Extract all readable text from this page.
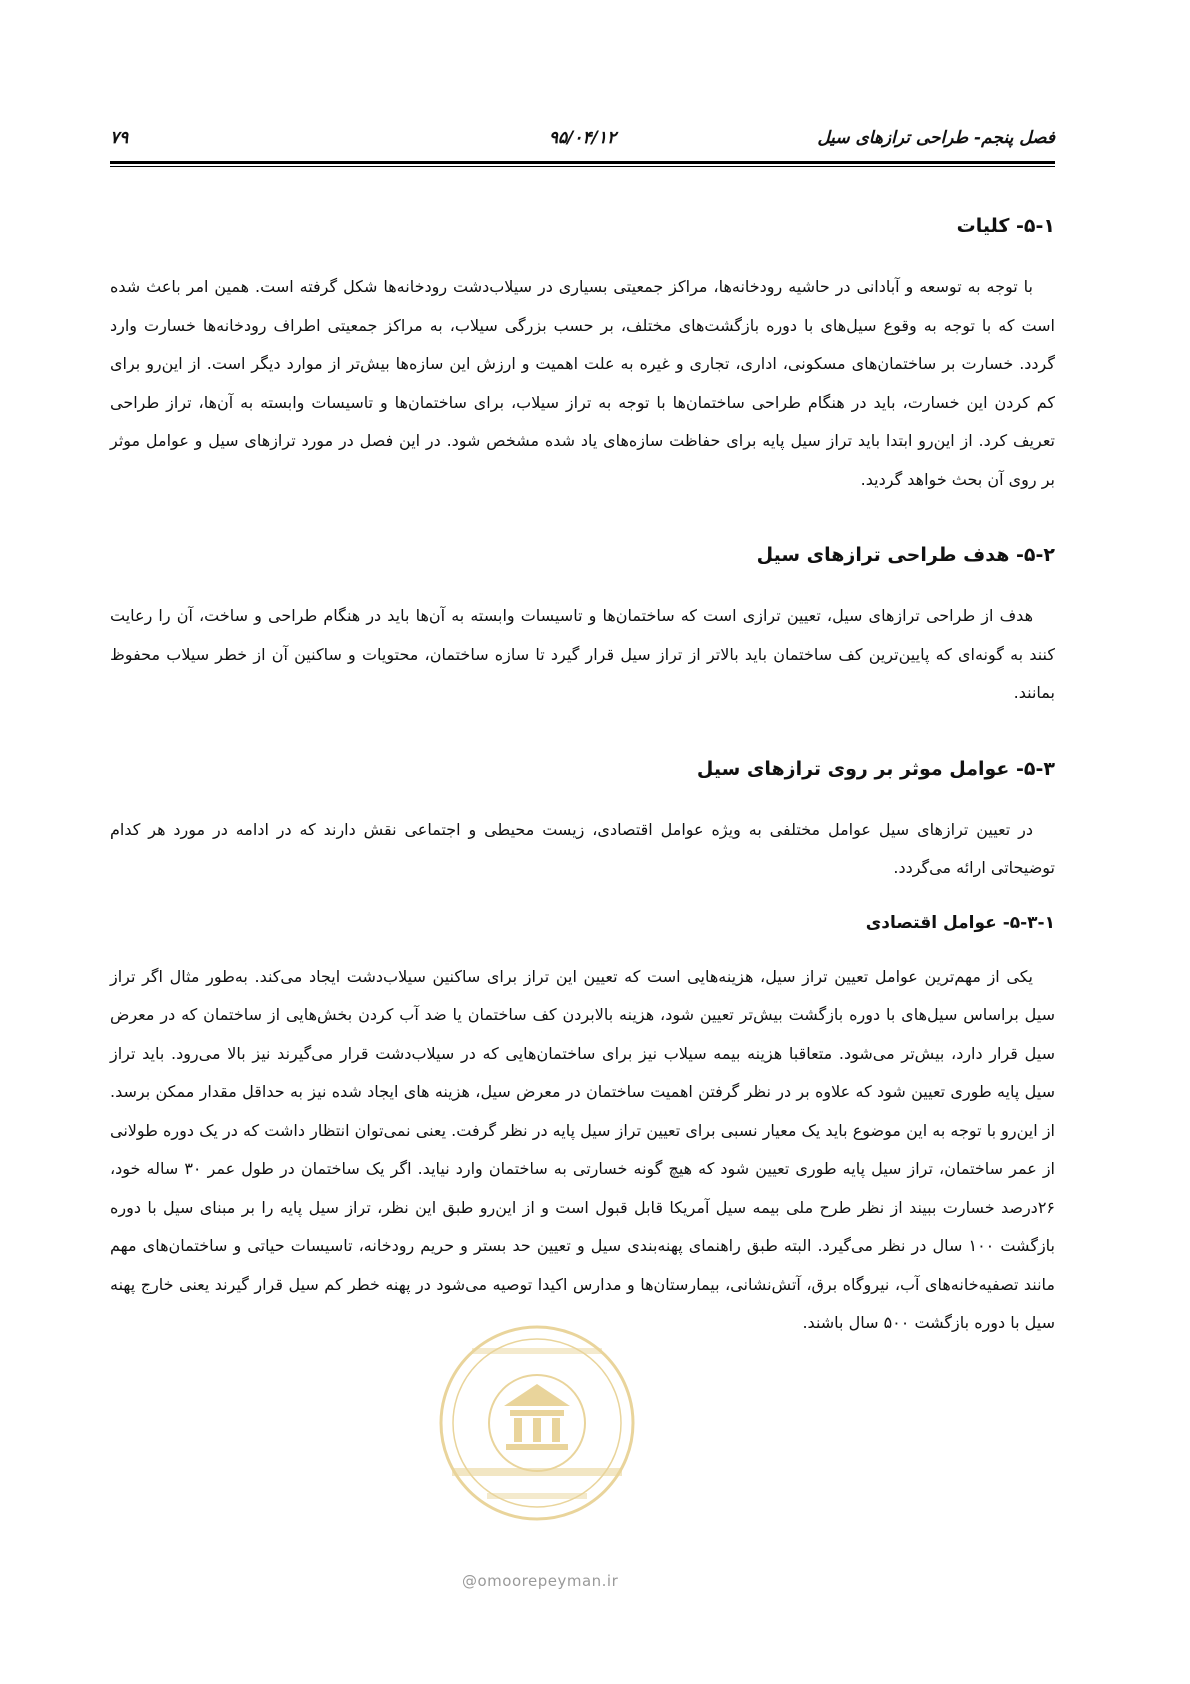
فصل پنجم- طراحی ترازهای سیل
۹۵/۰۴/۱۲
۷۹
۵-۱- کلیات

با توجه به توسعه و آبادانی در حاشیه رودخانه‌ها، مراکز جمعیتی بسیاری در سیلاب‌دشت رودخانه‌ها شکل گرفته است. همین امر باعث شده است که با توجه به وقوع سیل‌های با دوره بازگشت‌های مختلف، بر حسب بزرگی سیلاب، به مراکز جمعیتی اطراف رودخانه‌ها خسارت وارد گردد. خسارت بر ساختمان‌های مسکونی، اداری، تجاری و غیره به علت اهمیت و ارزش این سازه‌ها بیش‌تر از موارد دیگر است. از این‌رو برای کم کردن این خسارت، باید در هنگام طراحی ساختمان‌ها با توجه به تراز سیلاب، برای ساختمان‌ها و تاسیسات وابسته به آن‌ها، تراز طراحی تعریف کرد. از این‌رو ابتدا باید تراز سیل پایه برای حفاظت سازه‌های یاد شده مشخص شود. در این فصل در مورد ترازهای سیل و عوامل موثر بر روی آن بحث خواهد گردید.

۵-۲- هدف طراحی ترازهای سیل

هدف از طراحی ترازهای سیل، تعیین ترازی است که ساختمان‌ها و تاسیسات وابسته به آن‌ها باید در هنگام طراحی و ساخت، آن را رعایت کنند به گونه‌ای که پایین‌ترین کف ساختمان باید بالاتر از تراز سیل قرار گیرد تا سازه ساختمان، محتویات و ساکنین آن از خطر سیلاب محفوظ بمانند.

۵-۳- عوامل موثر بر روی ترازهای سیل

در تعیین ترازهای سیل عوامل مختلفی به ویژه عوامل اقتصادی، زیست محیطی و اجتماعی نقش دارند که در ادامه در مورد هر کدام توضیحاتی ارائه می‌گردد.

۵-۳-۱- عوامل اقتصادی

یکی از مهم‌ترین عوامل تعیین تراز سیل، هزینه‌هایی است که تعیین این تراز برای ساکنین سیلاب‌دشت ایجاد می‌کند. به‌طور مثال اگر تراز سیل براساس سیل‌های با دوره بازگشت بیش‌تر تعیین شود، هزینه بالابردن کف ساختمان یا ضد آب کردن بخش‌هایی از ساختمان که در معرض سیل قرار دارد، بیش‌تر می‌شود. متعاقبا هزینه بیمه سیلاب نیز برای ساختمان‌هایی که در سیلاب‌دشت قرار می‌گیرند نیز بالا می‌رود. باید تراز سیل پایه طوری تعیین شود که علاوه بر در نظر گرفتن اهمیت ساختمان در معرض سیل، هزینه های ایجاد شده نیز به حداقل مقدار ممکن برسد. از این‌رو با توجه به این موضوع باید یک معیار نسبی برای تعیین تراز سیل پایه در نظر گرفت. یعنی نمی‌توان انتظار داشت که در یک دوره طولانی از عمر ساختمان، تراز سیل پایه طوری تعیین شود که هیچ گونه خسارتی به ساختمان وارد نیاید. اگر یک ساختمان در طول عمر ۳۰ ساله خود، ۲۶درصد خسارت ببیند از نظر طرح ملی بیمه سیل آمریکا قابل قبول است و از این‌رو طبق این نظر، تراز سیل پایه را بر مبنای سیل با دوره بازگشت ۱۰۰ سال در نظر می‌گیرد. البته طبق راهنمای پهنه‌بندی سیل و تعیین حد بستر و حریم رودخانه، تاسیسات حیاتی و ساختمان‌های مهم مانند تصفیه‌خانه‌های آب، نیروگاه برق، آتش‌نشانی، بیمارستان‌ها و مدارس اکیدا توصیه می‌شود در پهنه خطر کم سیل قرار گیرند یعنی خارج پهنه سیل با دوره بازگشت ۵۰۰ سال باشند.

@omoorepeyman.ir
